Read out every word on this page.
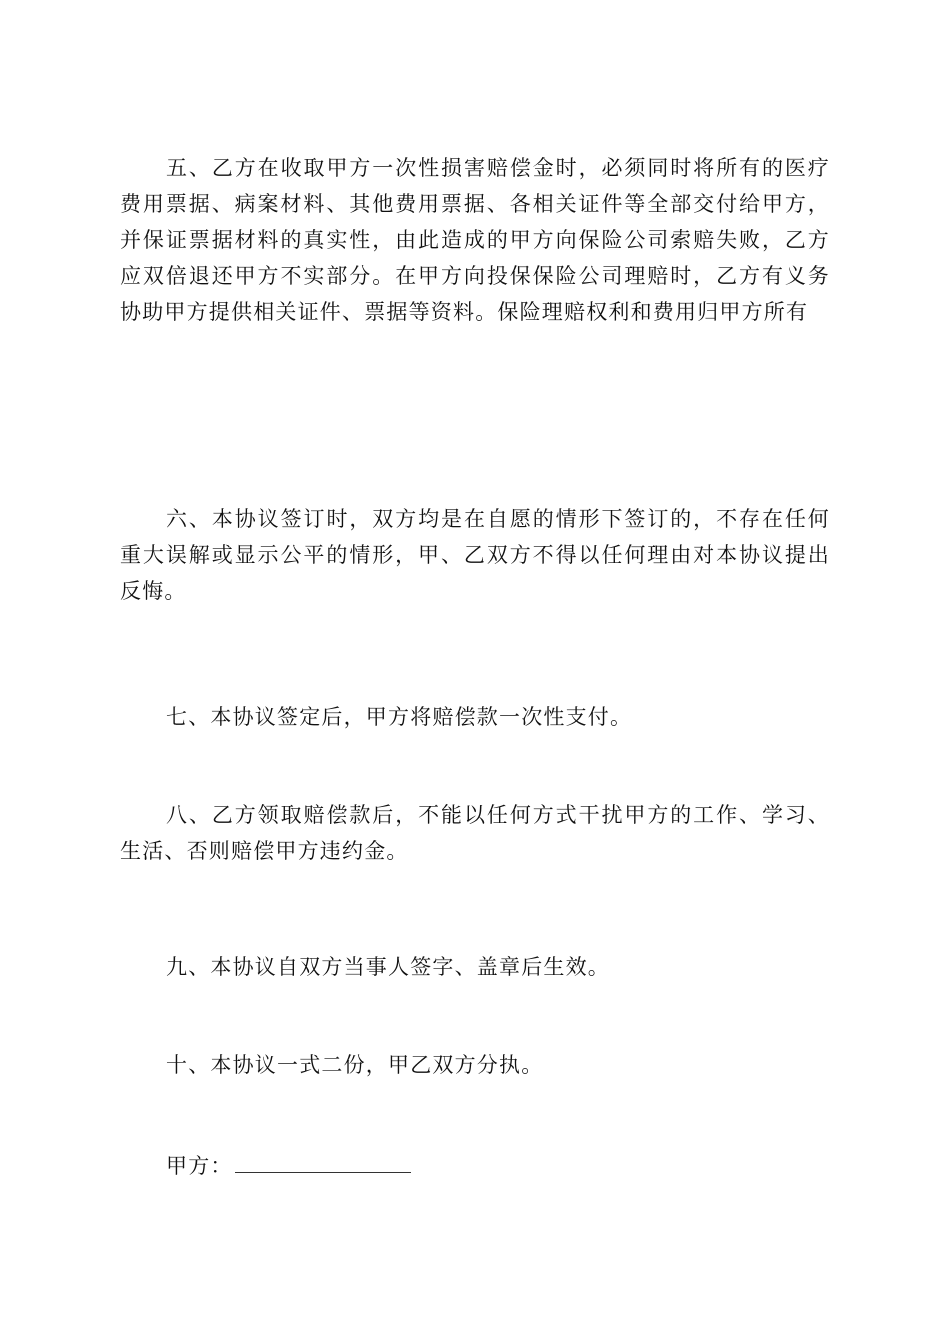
五、乙方在收取甲方一次性损害赔偿金时，必须同时将所有的医疗费用票据、病案材料、其他费用票据、各相关证件等全部交付给甲方，并保证票据材料的真实性，由此造成的甲方向保险公司索赔失败，乙方应双倍退还甲方不实部分。在甲方向投保保险公司理赔时，乙方有义务协助甲方提供相关证件、票据等资料。保险理赔权利和费用归甲方所有

六、本协议签订时，双方均是在自愿的情形下签订的，不存在任何重大误解或显示公平的情形，甲、乙双方不得以任何理由对本协议提出反悔。

七、本协议签定后，甲方将赔偿款一次性支付。

八、乙方领取赔偿款后，不能以任何方式干扰甲方的工作、学习、生活、否则赔偿甲方违约金。

九、本协议自双方当事人签字、盖章后生效。

十、本协议一式二份，甲乙双方分执。

甲方：
